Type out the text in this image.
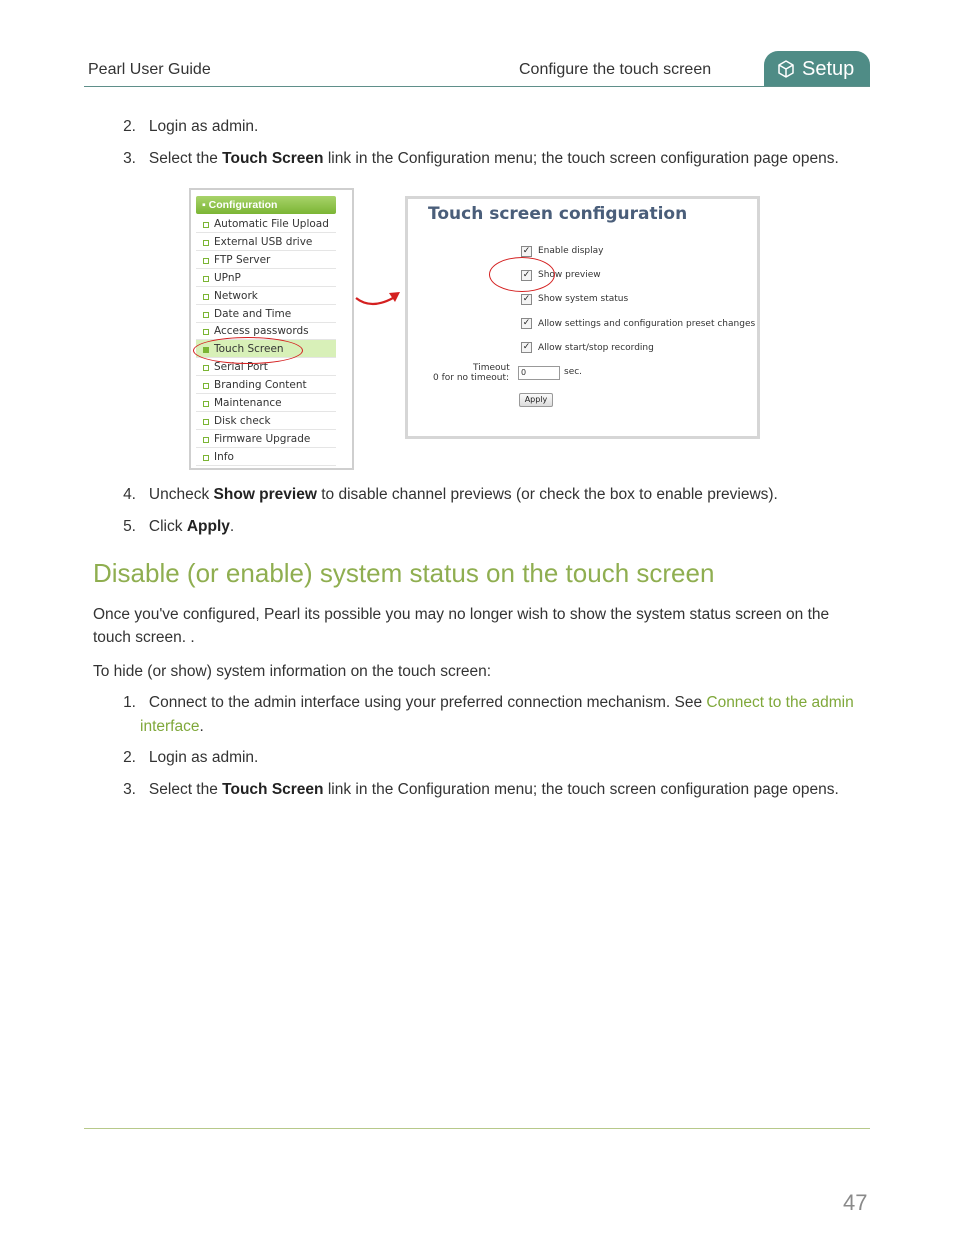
Pearl User Guide	Configure the touch screen	Setup
2. Login as admin.
3. Select the Touch Screen link in the Configuration menu; the touch screen configuration page opens.
▪ Configuration
Automatic File Upload
External USB drive
FTP Server
UPnP
Network
Date and Time
Access passwords
Touch Screen
Serial Port
Branding Content
Maintenance
Disk check
Firmware Upgrade
Info
Touch screen configuration
✓ Enable display
✓ Show preview
✓ Show system status
✓ Allow settings and configuration preset changes
✓ Allow start/stop recording
Timeout
0 for no timeout:
0	sec.
Apply
4. Uncheck Show preview to disable channel previews (or check the box to enable previews).
5. Click Apply.
Disable (or enable) system status on the touch screen
Once you've configured, Pearl its possible you may no longer wish to show the system status screen on the
touch screen. .
To hide (or show) system information on the touch screen:
1. Connect to the admin interface using your preferred connection mechanism. See Connect to the admin
interface.
2. Login as admin.
3. Select the Touch Screen link in the Configuration menu; the touch screen configuration page opens.
47
